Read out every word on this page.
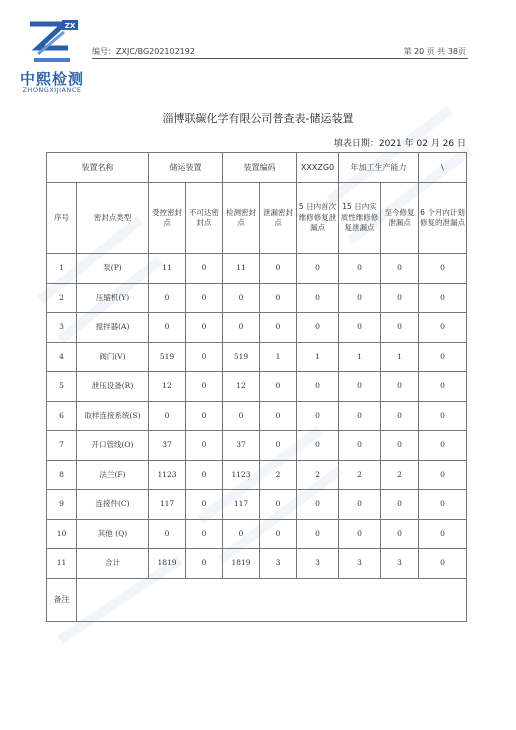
ZX
中熙检测
ZHONGXIJIANCE
编号：ZXJC/BG202102192	第 20 页 共 38页
淄博联碳化学有限公司普查表-储运装置
填表日期：2021 年 02 月 26 日
装置名称		储运装置		装置编码		XXXZG0	年加工生产能力		\
序号	密封点类型	受控密封点	不可达密封点	检测密封点	泄漏密封点	5 日内首次维修修复泄漏点	15 日内实质性维修修复泄漏点	至今修复泄漏点	6 个月内计划修复的泄漏点
1	泵(P)	11	0	11	0	0	0	0	0
2	压缩机(Y)	0	0	0	0	0	0	0	0
3	搅拌器(A)	0	0	0	0	0	0	0	0
4	阀门(V)	519	0	519	1	1	1	1	0
5	泄压设备(R)	12	0	12	0	0	0	0	0
6	取样连接系统(S)	0	0	0	0	0	0	0	0
7	开口管线(O)	37	0	37	0	0	0	0	0
8	法兰(F)	1123	0	1123	2	2	2	2	0
9	连接件(C)	117	0	117	0	0	0	0	0
10	其他 (Q)	0	0	0	0	0	0	0	0
11	合计	1819	0	1819	3	3	3	3	0
备注									
